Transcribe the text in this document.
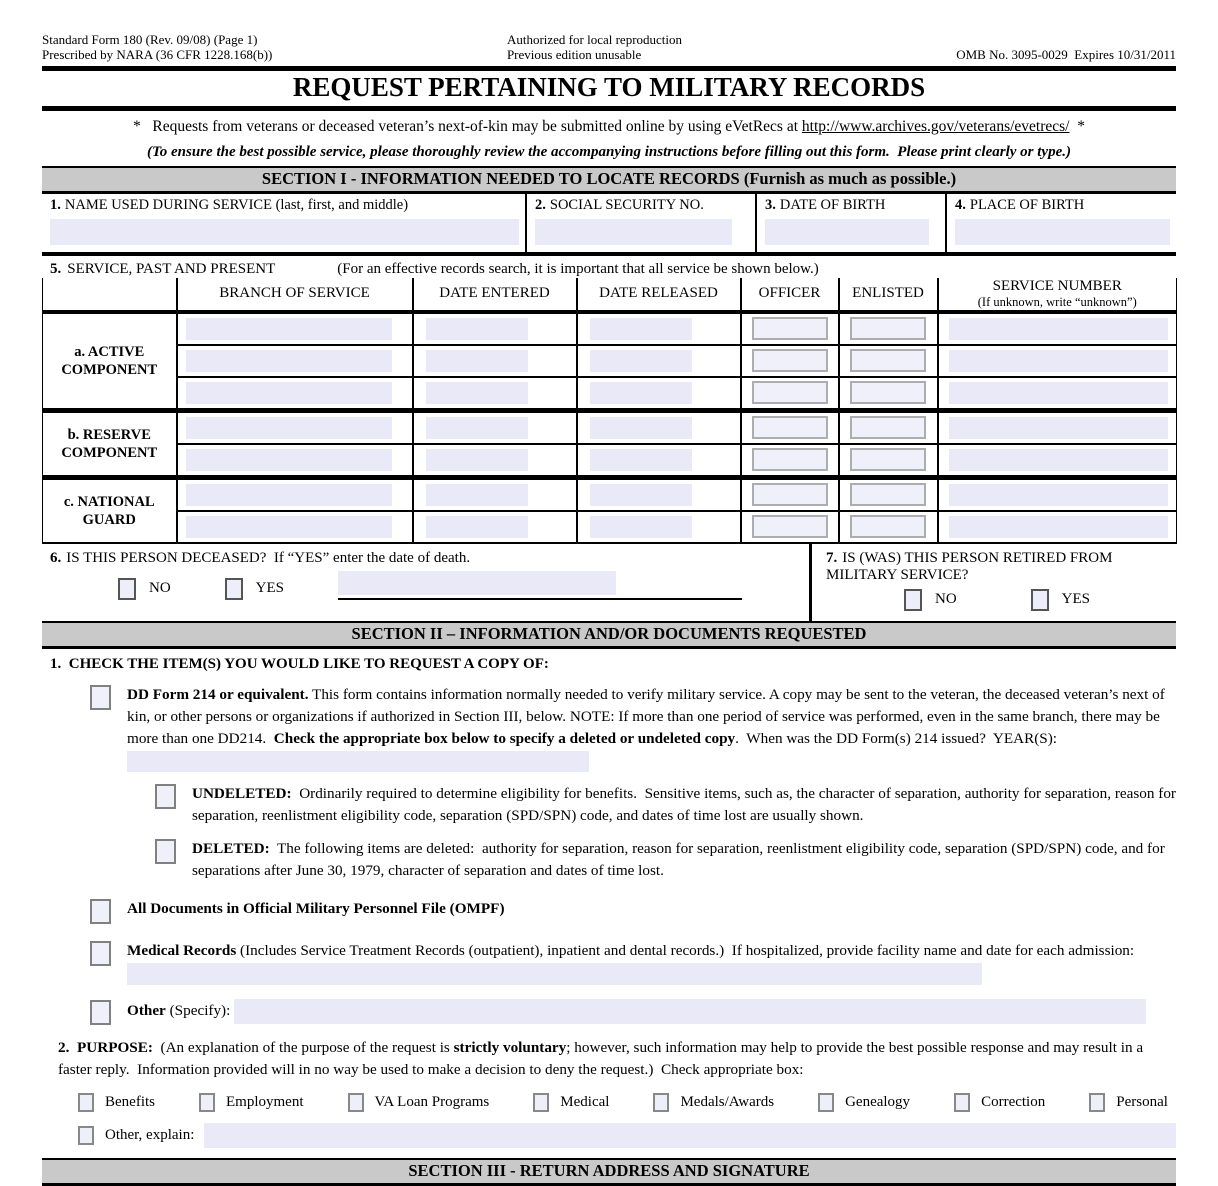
Standard Form 180 (Rev. 09/08) (Page 1)
Prescribed by NARA (36 CFR 1228.168(b))
Authorized for local reproduction
Previous edition unusable	OMB No. 3095-0029  Expires 10/31/2011
REQUEST PERTAINING TO MILITARY RECORDS
*   Requests from veterans or deceased veteran’s next-of-kin may be submitted online by using eVetRecs at http://www.archives.gov/veterans/evetrecs/  *
(To ensure the best possible service, please thoroughly review the accompanying instructions before filling out this form.  Please print clearly or type.)
SECTION I - INFORMATION NEEDED TO LOCATE RECORDS (Furnish as much as possible.)
1. NAME USED DURING SERVICE (last, first, and middle)	2. SOCIAL SECURITY NO.	3. DATE OF BIRTH	4. PLACE OF BIRTH
5. SERVICE, PAST AND PRESENT	(For an effective records search, it is important that all service be shown below.)
	BRANCH OF SERVICE	DATE ENTERED	DATE RELEASED	OFFICER	ENLISTED	SERVICE NUMBER
(If unknown, write “unknown”)

a. ACTIVE COMPONENT	

b. RESERVE COMPONENT	

c. NATIONAL GUARD	

6. IS THIS PERSON DECEASED?  If “YES” enter the date of death.
NO	YES
7. IS (WAS) THIS PERSON RETIRED FROM MILITARY SERVICE?
NO	YES
SECTION II – INFORMATION AND/OR DOCUMENTS REQUESTED
1.  CHECK THE ITEM(S) YOU WOULD LIKE TO REQUEST A COPY OF:
DD Form 214 or equivalent. This form contains information normally needed to verify military service. A copy may be sent to the veteran, the deceased veteran’s next of kin, or other persons or organizations if authorized in Section III, below. NOTE: If more than one period of service was performed, even in the same branch, there may be more than one DD214.  Check the appropriate box below to specify a deleted or undeleted copy.  When was the DD Form(s) 214 issued?  YEAR(S):
UNDELETED:  Ordinarily required to determine eligibility for benefits.  Sensitive items, such as, the character of separation, authority for separation, reason for separation, reenlistment eligibility code, separation (SPD/SPN) code, and dates of time lost are usually shown.
DELETED:  The following items are deleted:  authority for separation, reason for separation, reenlistment eligibility code, separation (SPD/SPN) code, and for separations after June 30, 1979, character of separation and dates of time lost.
All Documents in Official Military Personnel File (OMPF)
Medical Records (Includes Service Treatment Records (outpatient), inpatient and dental records.)  If hospitalized, provide facility name and date for each admission:
Other (Specify):
2.  PURPOSE:  (An explanation of the purpose of the request is strictly voluntary; however, such information may help to provide the best possible response and may result in a faster reply.  Information provided will in no way be used to make a decision to deny the request.)  Check appropriate box:
Benefits	Employment	VA Loan Programs	Medical	Medals/Awards	Genealogy	Correction	Personal
Other, explain:
SECTION III - RETURN ADDRESS AND SIGNATURE
